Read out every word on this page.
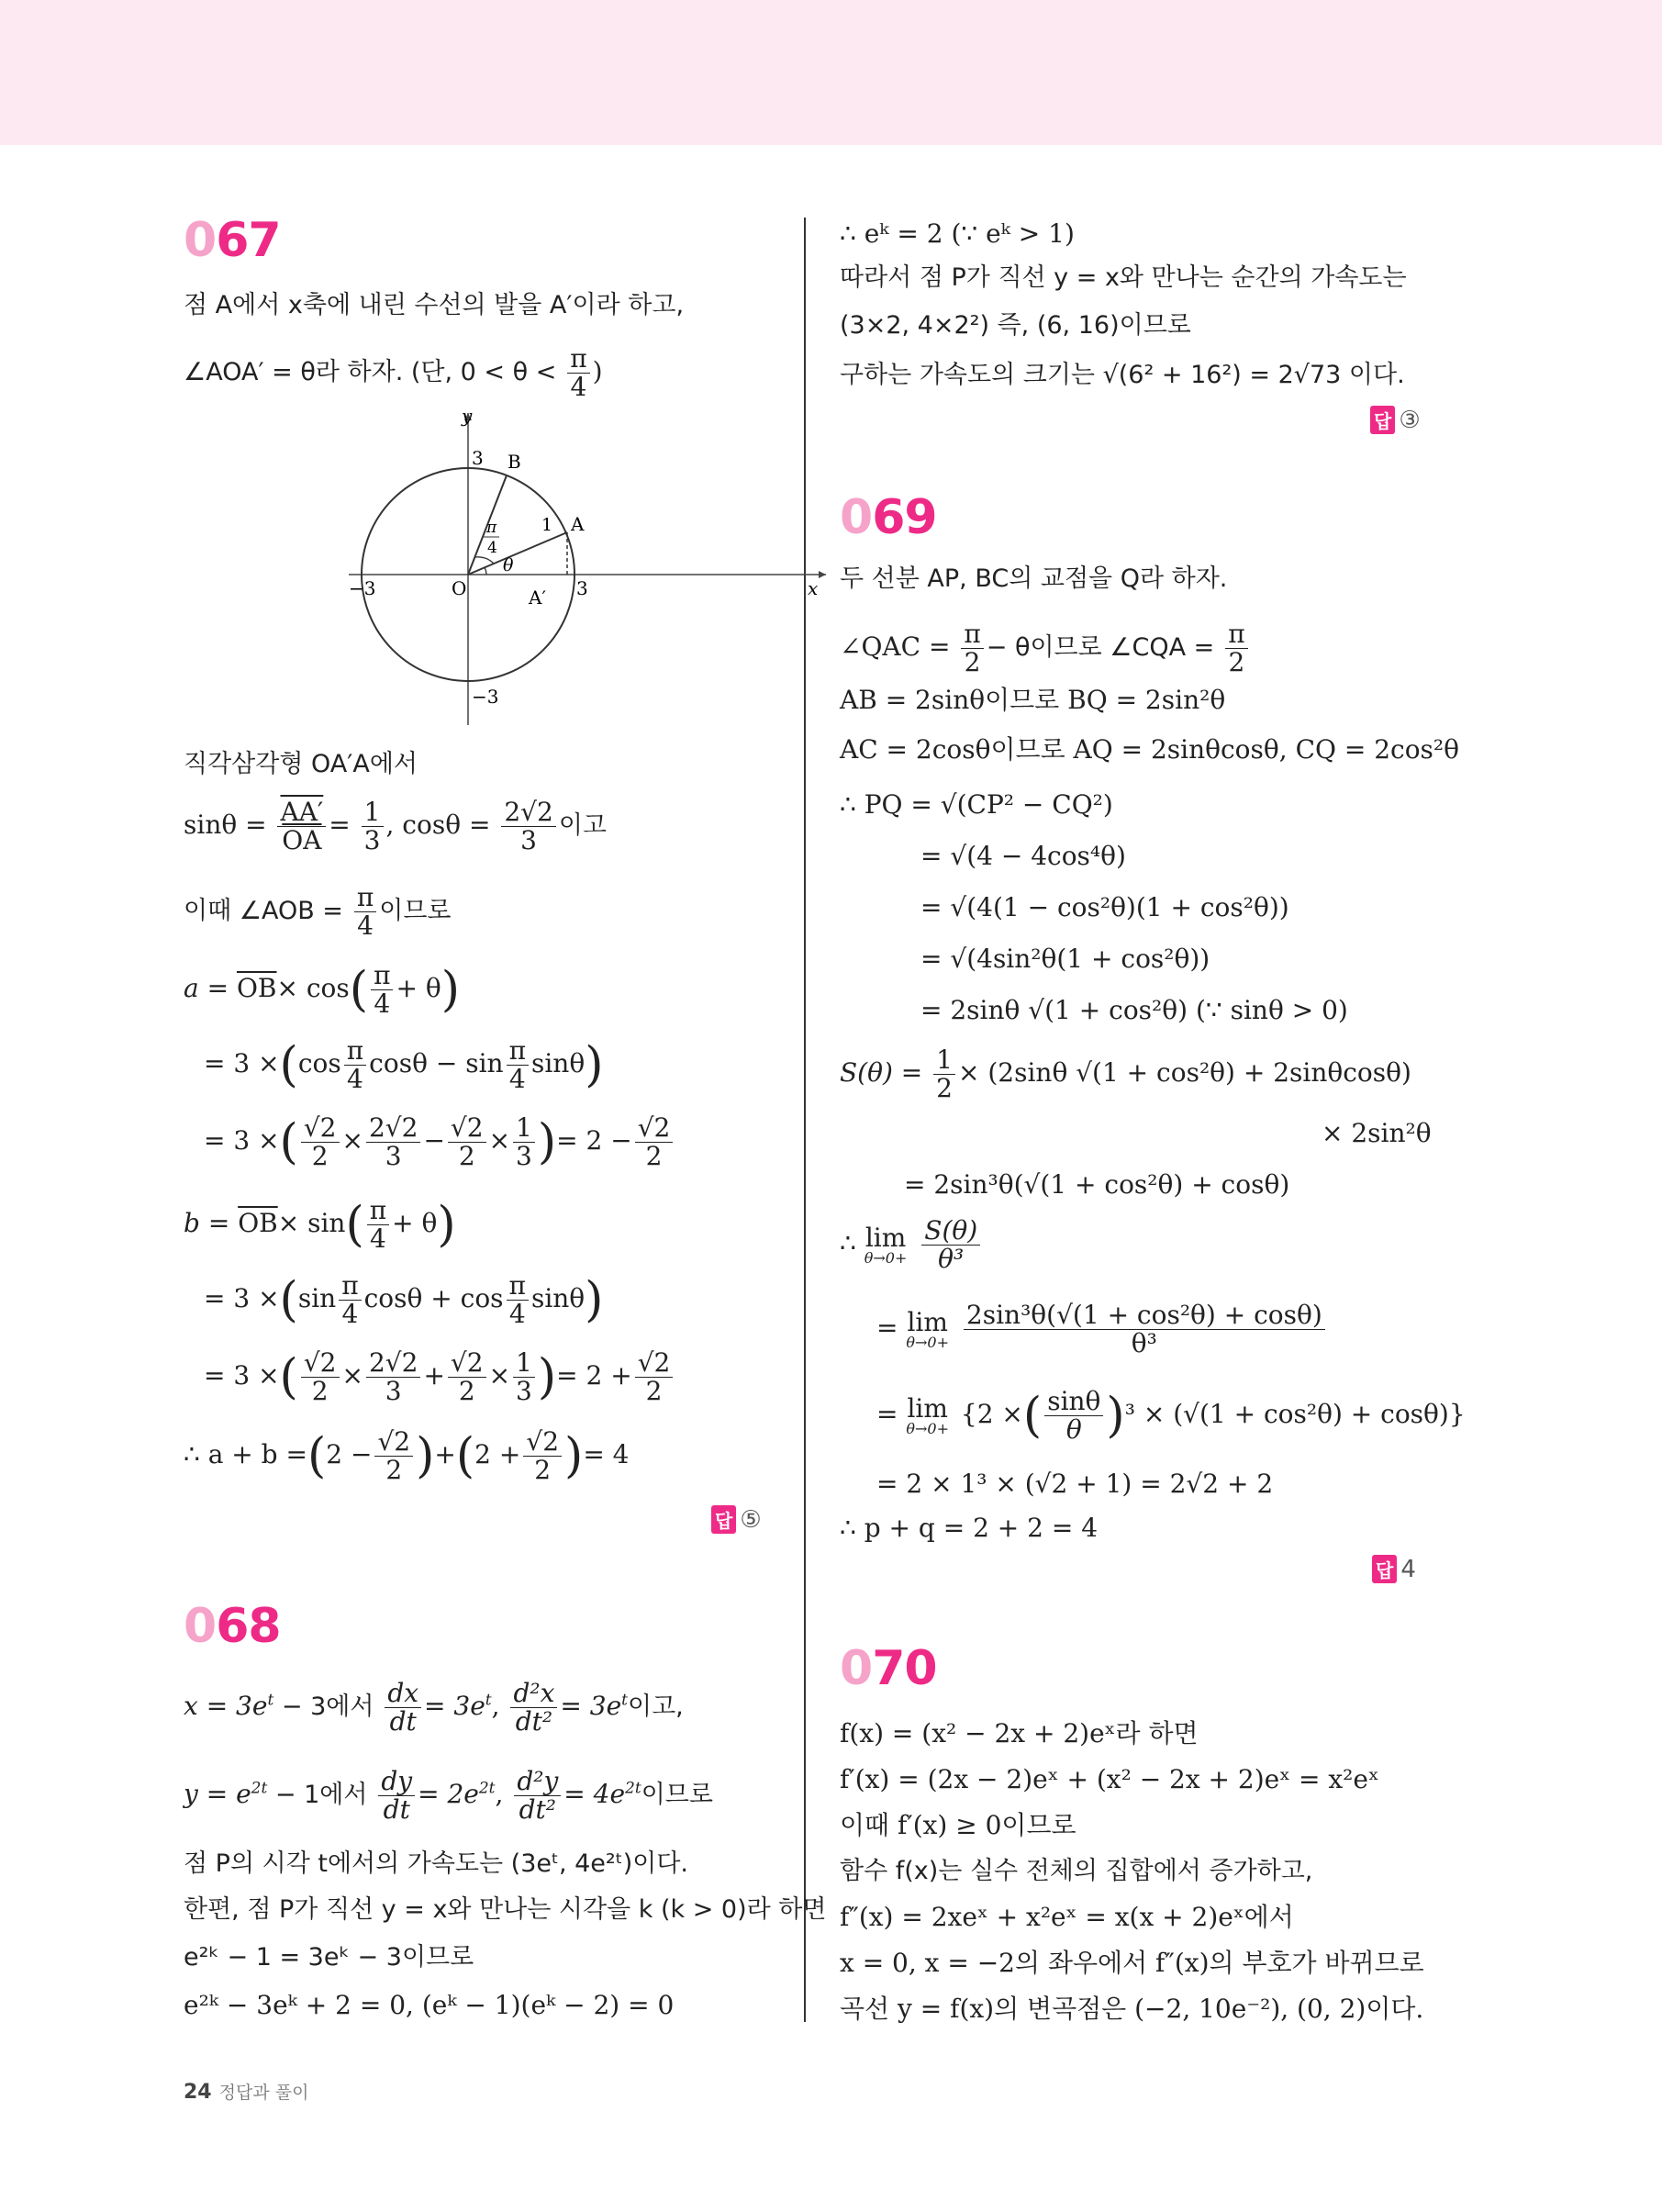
067
점 A에서 x축에 내린 수선의 발을 A′이라 하고,
∠AOA′ = θ라 하자. (단, $0 < \theta < \frac{\pi}{4}$ )
y
x
O
B
A
A′
3
3
−3
−3
π
4
θ
1
직각삼각형 OA′A에서
$\sin\theta = \frac{AA'}{OA} = \frac{1}{3}$ , $\cos\theta = \frac{2√2}{3}$ 이고
이때 ∠AOB = $\frac{\pi}{4}$ 이므로
$a = \overline{OB}\times \cos( \frac{\pi}{4} + \theta)$
= $3 \times(\cos \frac{\pi}{4}$ $\cos\theta - \sin \frac{\pi}{4} \sin\theta$)
= 3 ×( $\frac{√2}{2} \times \frac{2√2}{3} - \frac{√2}{2} \times \frac{1}{3}$ )= $2 - \frac{√2}{2}$
$b = \overline{OB}\times \sin( \frac{\pi}{4} + \theta)$
= $3 \times(\sin \frac{\pi}{4}$ $\cos\theta + \cos \frac{\pi}{4} \sin\theta$)
= 3 ×( $\frac{√2}{2} \times \frac{2√2}{3} + \frac{√2}{2} \times \frac{1}{3}$ )= $2 + \frac{√2}{2}$
∴ $a + b =(2 - \frac{√2}{2} )+(2 + \frac{√2}{2}$ )= 4
답 ⑤
068
$x = 3e^t - 3$에서 $\frac{dx}{dt} = 3e^t$, $\frac{\text{d²x}}{\text{dt²}} = 3e^t$이고,
$y = e^{2t} - 1$에서 $\frac{dy}{dt} = 2e^{2t}$, $\frac{\text{d²y}}{\text{dt²}} = 4e^{2t}$이므로
점 P의 시각 t에서의 가속도는 (3eᵗ, 4e²ᵗ)이다.
한편, 점 P가 직선 y = x와 만나는 시각을 k (k > 0)라 하면
e²ᵏ − 1 = 3eᵏ − 3이므로
e²ᵏ − 3eᵏ + 2 = 0, (eᵏ − 1)(eᵏ − 2) = 0
∴ eᵏ = 2 (∵ eᵏ > 1)
따라서 점 P가 직선 y = x와 만나는 순간의 가속도는
(3×2, 4×2²) 즉, (6, 16)이므로
구하는 가속도의 크기는 √(6² + 16²) = 2√73 이다.
답 ③
069
두 선분 AP, BC의 교점을 Q라 하자.
∠QAC = $\frac{\pi}{2} - \theta$이므로 ∠CQA = $\frac{\pi}{2}$
AB = 2sinθ이므로 BQ = 2sin²θ
AC = 2cosθ이므로 AQ = 2sinθcosθ, CQ = 2cos²θ
∴ PQ = √(CP² − CQ²)
= √(4 − 4cos⁴θ)
= √(4(1 − cos²θ)(1 + cos²θ))
= √(4sin²θ(1 + cos²θ))
= 2sinθ √(1 + cos²θ) (∵ sinθ > 0)
$S(\theta) = \frac{1}{2} \times (2\sin\theta$ √(1 + cos²θ) + 2sinθcosθ)
× 2sin²θ
= 2sin³θ(√(1 + cos²θ) + cosθ)
∴ lim
θ→0+
$\frac{S(\theta)}{\text{θ³}}$
= lim
θ→0+
$\frac{\text{2sin³θ(√(1 + cos²θ) + cosθ)}}{\text{θ³}}$
= lim
θ→0+ {2 ×( $\frac{\sin\theta}{\theta} )^3 \times (√(1 + \cos^2\theta) + \cos\theta)$}
= 2 × 1³ × (√2 + 1) = 2√2 + 2
∴ p + q = 2 + 2 = 4
답 4
070
f(x) = (x² − 2x + 2)eˣ라 하면
f′(x) = (2x − 2)eˣ + (x² − 2x + 2)eˣ = x²eˣ
이때 f′(x) ≥ 0이므로
함수 f(x)는 실수 전체의 집합에서 증가하고,
f″(x) = 2xeˣ + x²eˣ = x(x + 2)eˣ에서
x = 0, x = −2의 좌우에서 f″(x)의 부호가 바뀌므로
곡선 y = f(x)의 변곡점은 (−2, 10e⁻²), (0, 2)이다.
24 정답과 풀이
